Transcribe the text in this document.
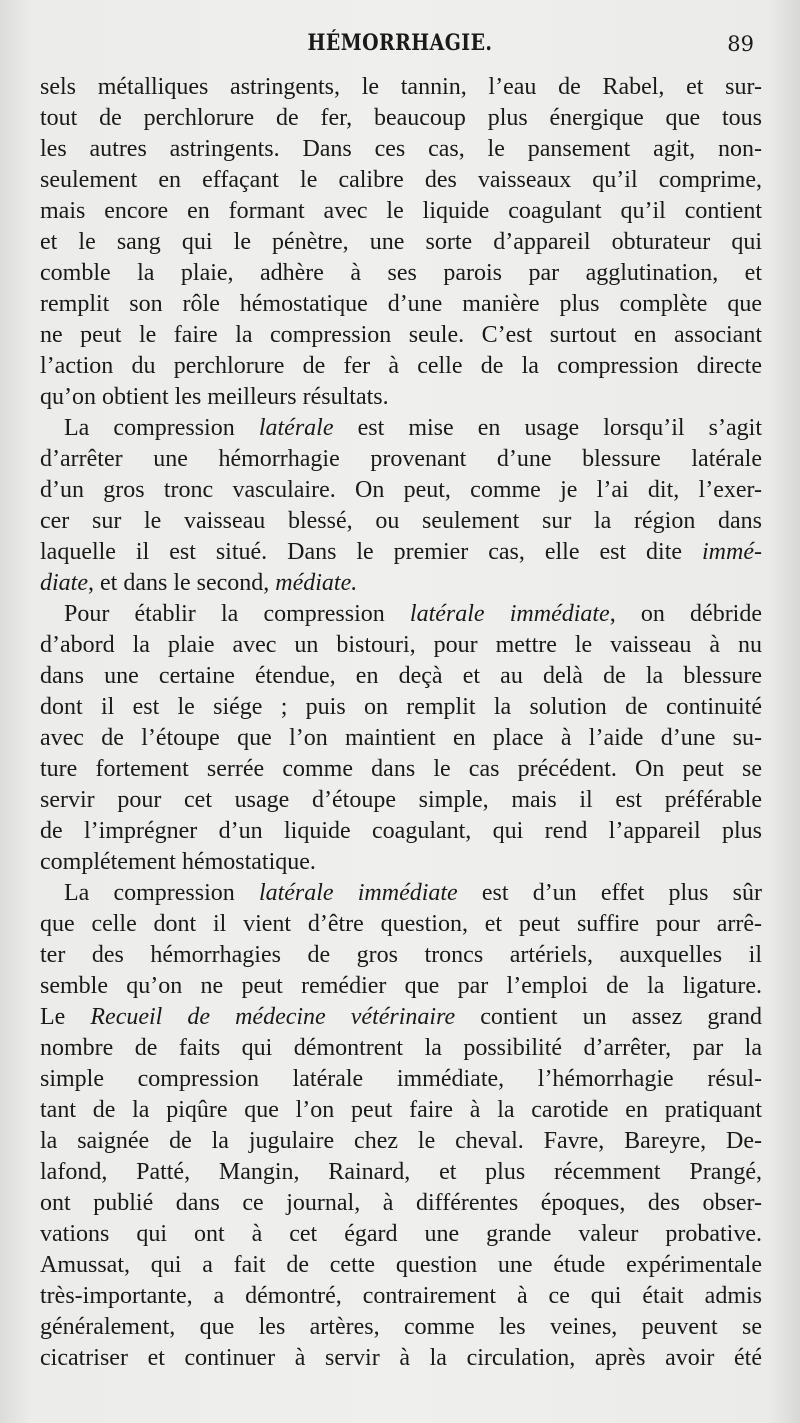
HÉMORRHAGIE.	89
sels métalliques astringents, le tannin, l’eau de Rabel, et sur-
tout de perchlorure de fer, beaucoup plus énergique que tous
les autres astringents. Dans ces cas, le pansement agit, non-
seulement en effaçant le calibre des vaisseaux qu’il comprime,
mais encore en formant avec le liquide coagulant qu’il contient
et le sang qui le pénètre, une sorte d’appareil obturateur qui
comble la plaie, adhère à ses parois par agglutination, et
remplit son rôle hémostatique d’une manière plus complète que
ne peut le faire la compression seule. C’est surtout en associant
l’action du perchlorure de fer à celle de la compression directe
qu’on obtient les meilleurs résultats.
La compression latérale est mise en usage lorsqu’il s’agit
d’arrêter une hémorrhagie provenant d’une blessure latérale
d’un gros tronc vasculaire. On peut, comme je l’ai dit, l’exer-
cer sur le vaisseau blessé, ou seulement sur la région dans
laquelle il est situé. Dans le premier cas, elle est dite immé-
diate, et dans le second, médiate.
Pour établir la compression latérale immédiate, on débride
d’abord la plaie avec un bistouri, pour mettre le vaisseau à nu
dans une certaine étendue, en deçà et au delà de la blessure
dont il est le siége ; puis on remplit la solution de continuité
avec de l’étoupe que l’on maintient en place à l’aide d’une su-
ture fortement serrée comme dans le cas précédent. On peut se
servir pour cet usage d’étoupe simple, mais il est préférable
de l’imprégner d’un liquide coagulant, qui rend l’appareil plus
complétement hémostatique.
La compression latérale immédiate est d’un effet plus sûr
que celle dont il vient d’être question, et peut suffire pour arrê-
ter des hémorrhagies de gros troncs artériels, auxquelles il
semble qu’on ne peut remédier que par l’emploi de la ligature.
Le Recueil de médecine vétérinaire contient un assez grand
nombre de faits qui démontrent la possibilité d’arrêter, par la
simple compression latérale immédiate, l’hémorrhagie résul-
tant de la piqûre que l’on peut faire à la carotide en pratiquant
la saignée de la jugulaire chez le cheval. Favre, Bareyre, De-
lafond, Patté, Mangin, Rainard, et plus récemment Prangé,
ont publié dans ce journal, à différentes époques, des obser-
vations qui ont à cet égard une grande valeur probative.
Amussat, qui a fait de cette question une étude expérimentale
très-importante, a démontré, contrairement à ce qui était admis
généralement, que les artères, comme les veines, peuvent se
cicatriser et continuer à servir à la circulation, après avoir été
